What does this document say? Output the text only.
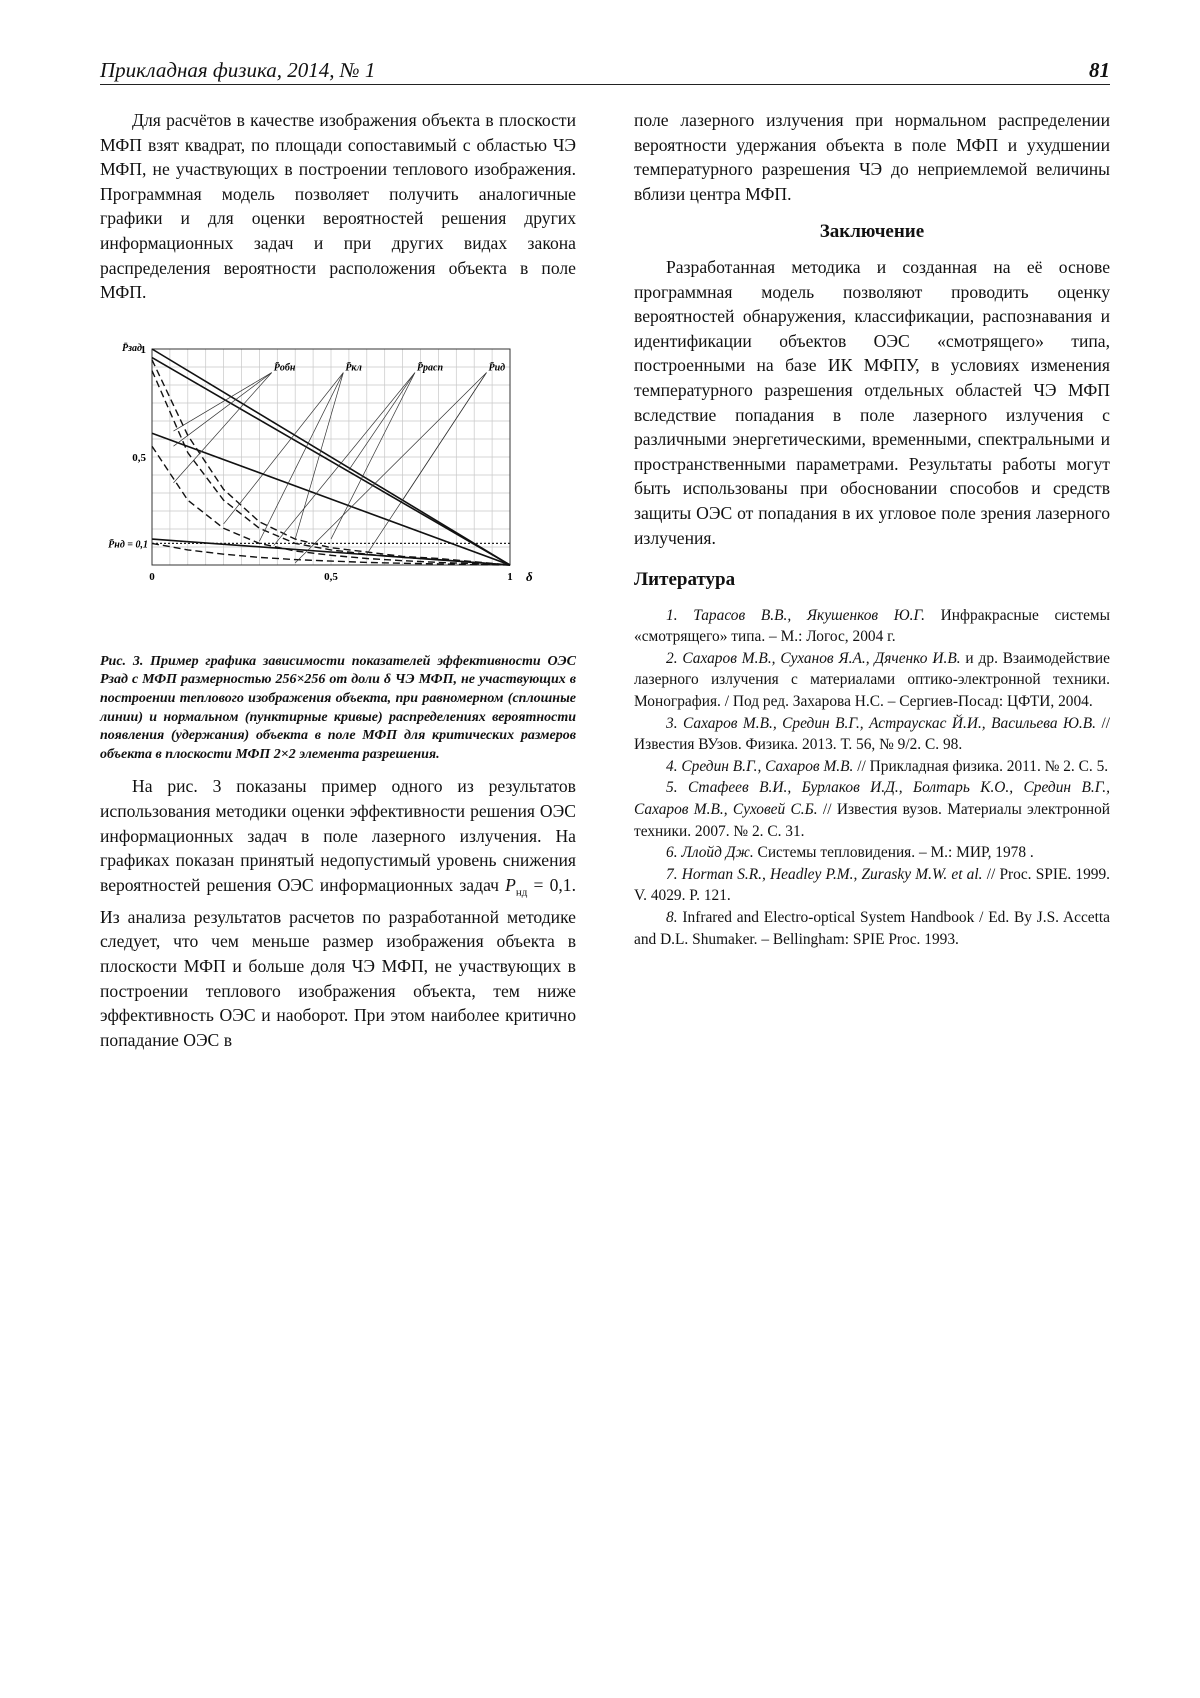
Прикладная физика, 2014, № 1	81

Для расчётов в качестве изображения объекта в плоскости МФП взят квадрат, по площади сопоставимый с областью ЧЭ МФП, не участвующих в построении теплового изображения. Программная модель позволяет получить аналогичные графики и для оценки вероятностей решения других информационных задач и при других видах закона распределения вероятности расположения объекта в поле МФП.

P̄нд = 0,1
P̄обн	P̄кл	P̄расп	P̄ид
0	0,5	1
1
0,5
δ
P̄зад
Рис. 3. Пример графика зависимости показателей эффективности ОЭС Pзад с МФП размерностью 256×256 от доли δ ЧЭ МФП, не участвующих в построении теплового изображения объекта, при равномерном (сплошные линии) и нормальном (пунктирные кривые) распределениях вероятности появления (удержания) объекта в поле МФП для критических размеров объекта в плоскости МФП 2×2 элемента разрешения.

На рис. 3 показаны пример одного из результатов использования методики оценки эффективности решения ОЭС информационных задач в поле лазерного излучения. На графиках показан принятый недопустимый уровень снижения вероятностей решения ОЭС информационных задач $P_{нд} = 0,1$. Из анализа результатов расчетов по разработанной методике следует, что чем меньше размер изображения объекта в плоскости МФП и больше доля ЧЭ МФП, не участвующих в построении теплового изображения объекта, тем ниже эффективность ОЭС и наоборот. При этом наиболее критично попадание ОЭС в

поле лазерного излучения при нормальном распределении вероятности удержания объекта в поле МФП и ухудшении температурного разрешения ЧЭ до неприемлемой величины вблизи центра МФП.
Заключение

Разработанная методика и созданная на её основе программная модель позволяют проводить оценку вероятностей обнаружения, классификации, распознавания и идентификации объектов ОЭС «смотрящего» типа, построенными на базе ИК МФПУ, в условиях изменения температурного разрешения отдельных областей ЧЭ МФП вследствие попадания в поле лазерного излучения с различными энергетическими, временными, спектральными и пространственными параметрами. Результаты работы могут быть использованы при обосновании способов и средств защиты ОЭС от попадания в их угловое поле зрения лазерного излучения.

Литература

1. Тарасов В.В., Якушенков Ю.Г. Инфракрасные системы «смотрящего» типа. – М.: Логос, 2004 г.

2. Сахаров М.В., Суханов Я.А., Дяченко И.В. и др. Взаимодействие лазерного излучения с материалами оптико-электронной техники. Монография. / Под ред. Захарова Н.С. – Сергиев-Посад: ЦФТИ, 2004.

3. Сахаров М.В., Средин В.Г., Астраускас Й.И., Васильева Ю.В. // Известия ВУзов. Физика. 2013. Т. 56, № 9/2. С. 98.

4. Средин В.Г., Сахаров М.В. // Прикладная физика. 2011. № 2. С. 5.

5. Стафеев В.И., Бурлаков И.Д., Болтарь К.О., Средин В.Г., Сахаров М.В., Суховей С.Б. // Известия вузов. Материалы электронной техники. 2007. № 2. С. 31.

6. Ллойд Дж. Системы тепловидения. – М.: МИР, 1978 .

7. Horman S.R., Headley P.M., Zurasky M.W. et al. // Proc. SPIE. 1999. V. 4029. P. 121.

8. Infrared and Electro-optical System Handbook / Ed. By J.S. Accetta and D.L. Shumaker. – Bellingham: SPIE Proc. 1993.
